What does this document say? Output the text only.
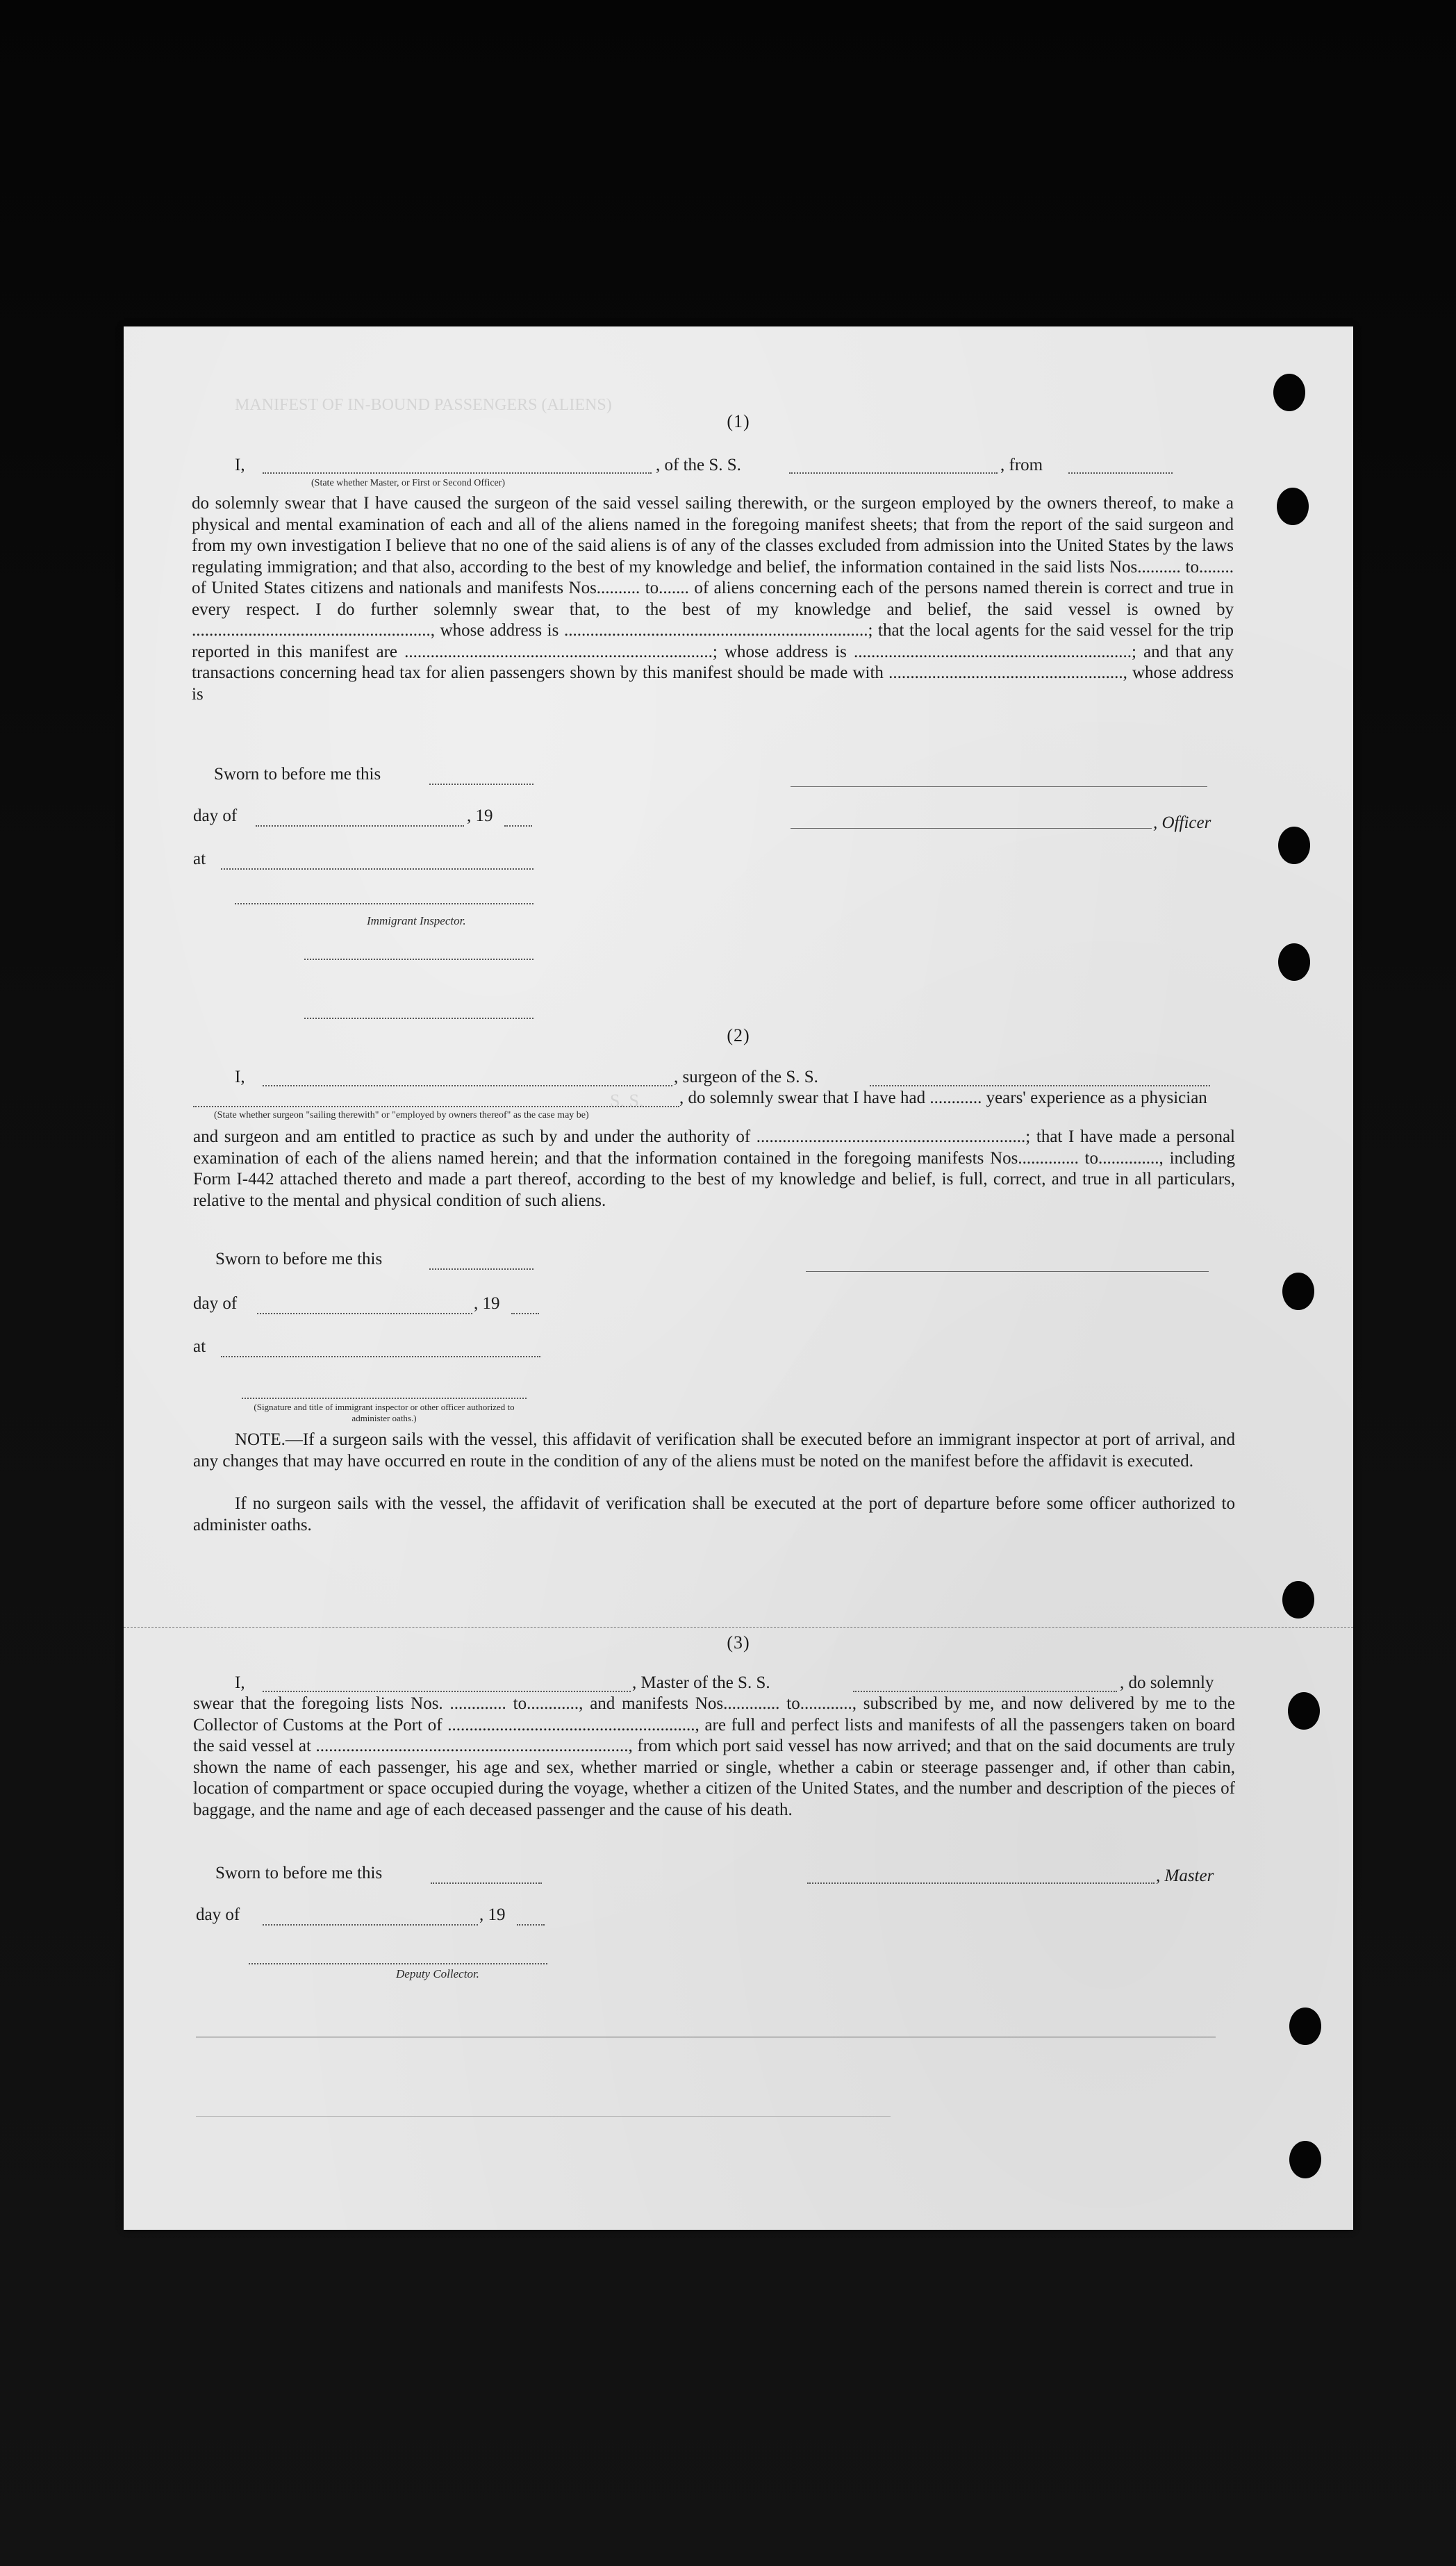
MANIFEST OF IN-BOUND PASSENGERS (ALIENS)
S. S.
(1)
I,	, of the S. S.	, from
(State whether Master, or First or Second Officer)
do solemnly swear that I have caused the surgeon of the said vessel sailing therewith, or the surgeon employed by the owners thereof, to make a physical and mental examination of each and all of the aliens named in the foregoing manifest sheets; that from the report of the said surgeon and from my own investigation I believe that no one of the said aliens is of any of the classes excluded from admission into the United States by the laws regulating immigration; and that also, according to the best of my knowledge and belief, the information contained in the said lists Nos.......... to........ of United States citizens and nationals and manifests Nos.......... to....... of aliens concerning each of the persons named therein is correct and true in every respect. I do further solemnly swear that, to the best of my knowledge and belief, the said vessel is owned by ......................................................., whose address is ......................................................................; that the local agents for the said vessel for the trip reported in this manifest are .......................................................................; whose address is ................................................................; and that any transactions concerning head tax for alien passengers shown by this manifest should be made with ......................................................, whose address is
Sworn to before me this
day of	, 19	, Officer
at
Immigrant Inspector.
(2)
I,	, surgeon of the S. S.
, do solemnly swear that I have had ............ years' experience as a physician
(State whether surgeon "sailing therewith" or "employed by owners thereof" as the case may be)
and surgeon and am entitled to practice as such by and under the authority of ..............................................................; that I have made a personal examination of each of the aliens named herein; and that the information contained in the foregoing manifests Nos.............. to.............., including Form I-442 attached thereto and made a part thereof, according to the best of my knowledge and belief, is full, correct, and true in all particulars, relative to the mental and physical condition of such aliens.
Sworn to before me this
day of	, 19
at
(Signature and title of immigrant inspector or other officer authorized to administer oaths.)
NOTE.—If a surgeon sails with the vessel, this affidavit of verification shall be executed before an immigrant inspector at port of arrival, and any changes that may have occurred en route in the condition of any of the aliens must be noted on the manifest before the affidavit is executed.
If no surgeon sails with the vessel, the affidavit of verification shall be executed at the port of departure before some officer authorized to administer oaths.
(3)
I,	, Master of the S. S.	, do solemnly
swear that the foregoing lists Nos. ............. to............, and manifests Nos............. to............, subscribed by me, and now delivered by me to the Collector of Customs at the Port of ........................................................., are full and perfect lists and manifests of all the passengers taken on board the said vessel at ........................................................................, from which port said vessel has now arrived; and that on the said documents are truly shown the name of each passenger, his age and sex, whether married or single, whether a cabin or steerage passenger and, if other than cabin, location of compartment or space occupied during the voyage, whether a citizen of the United States, and the number and description of the pieces of baggage, and the name and age of each deceased passenger and the cause of his death.
Sworn to before me this	, Master
day of	, 19
Deputy Collector.
